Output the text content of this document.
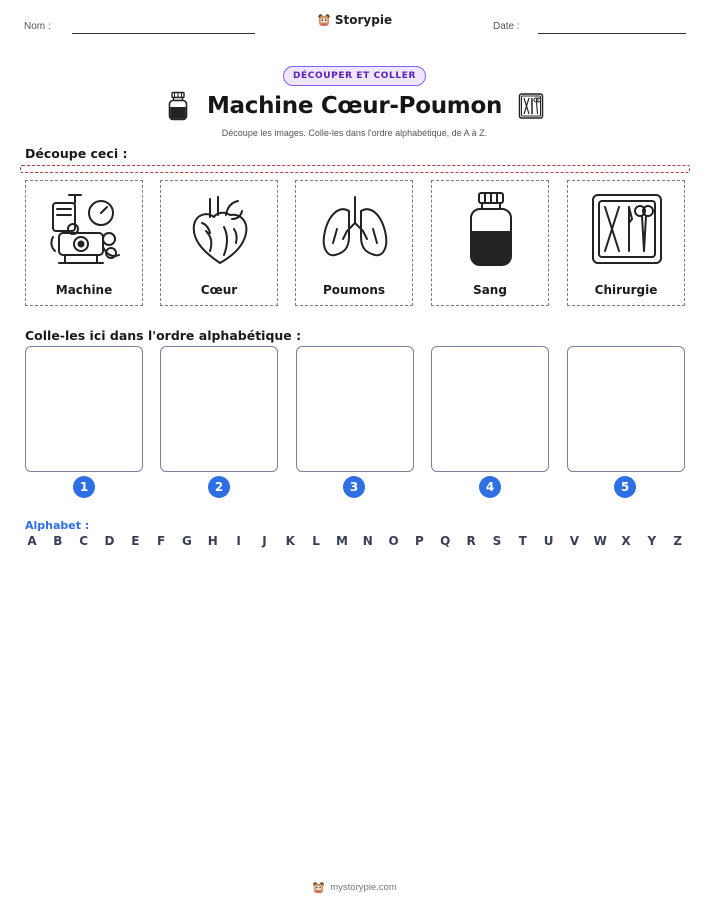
Nom :	Storypie	Date :
DÉCOUPER ET COLLER
Machine Cœur-Poumon
Découpe les images. Colle-les dans l'ordre alphabétique, de A à Z.
Découpe ceci :
Machine	Cœur	Poumons	Sang	Chirurgie
Colle-les ici dans l'ordre alphabétique :
1	2	3	4	5
Alphabet :
A B C D E F G H	I	J	K L M N O P Q R S T U V W X Y Z
mystorypie.com
